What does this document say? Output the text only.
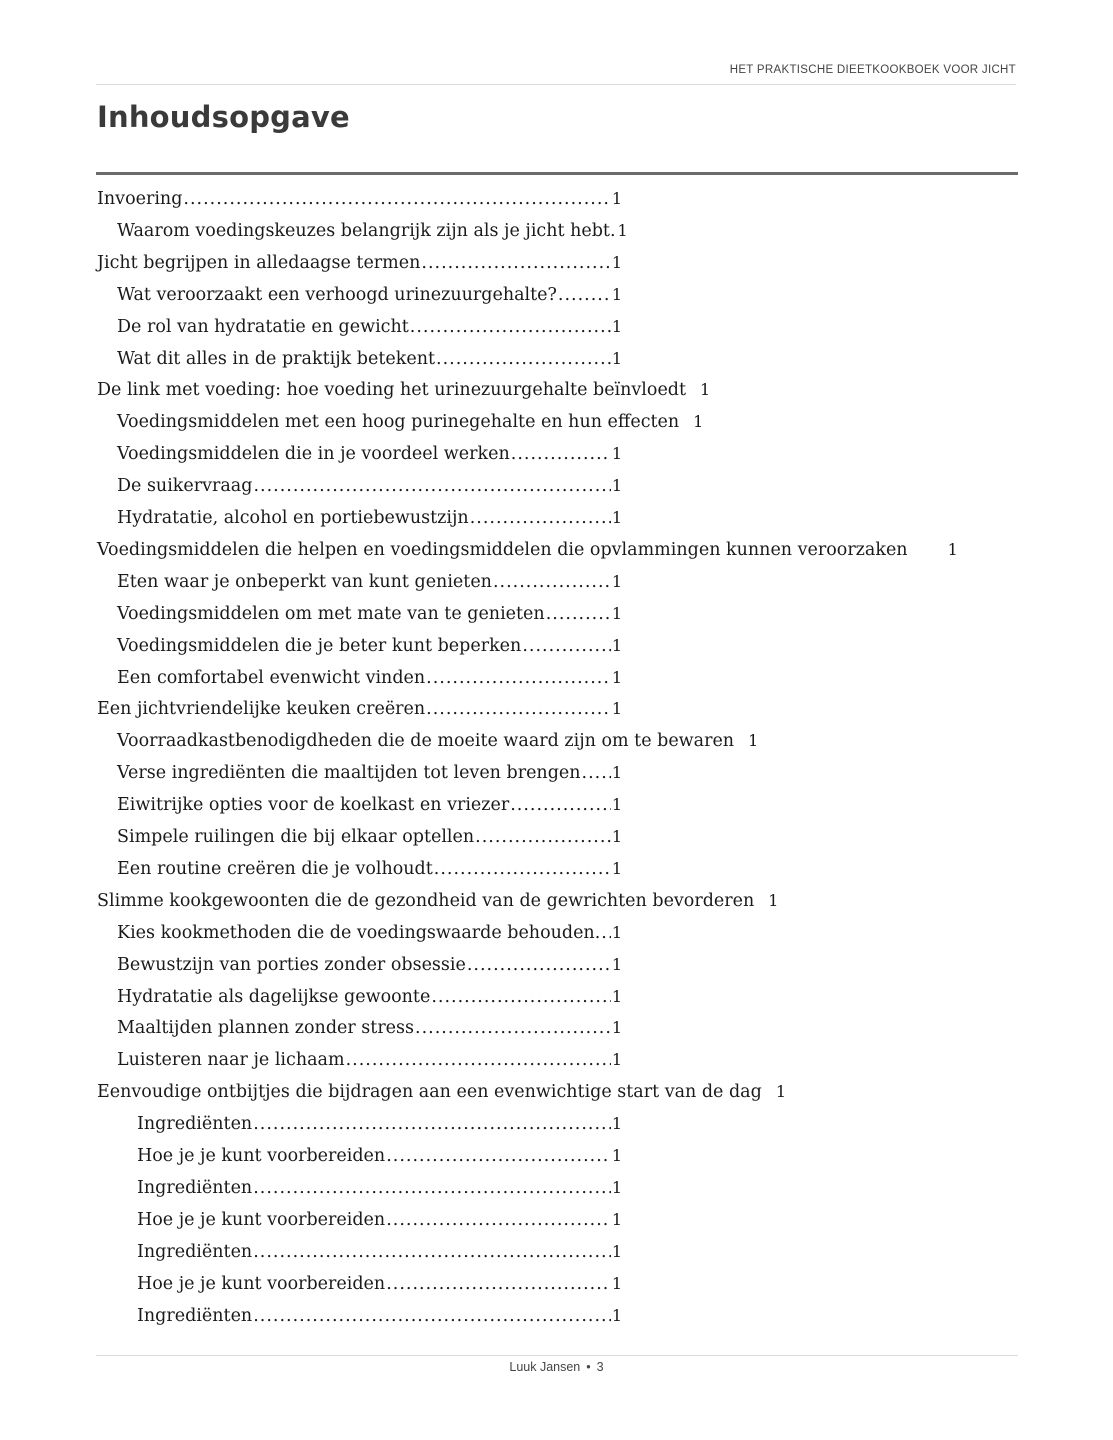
HET PRAKTISCHE DIEETKOOKBOEK VOOR JICHT
Inhoudsopgave
Invoering .....	1
Waarom voedingskeuzes belangrijk zijn als je jicht hebt. 1
Jicht begrijpen in alledaagse termen .....	1
Wat veroorzaakt een verhoogd urinezuurgehalte? .....	1
De rol van hydratatie en gewicht .....	1
Wat dit alles in de praktijk betekent .....	1
De link met voeding: hoe voeding het urinezuurgehalte beïnvloedt 1
Voedingsmiddelen met een hoog purinegehalte en hun effecten 1
Voedingsmiddelen die in je voordeel werken .....	1
De suikervraag .....	1
Hydratatie, alcohol en portiebewustzijn .....	1
Voedingsmiddelen die helpen en voedingsmiddelen die opvlammingen kunnen veroorzaken	1
Eten waar je onbeperkt van kunt genieten .....	1
Voedingsmiddelen om met mate van te genieten .....	1
Voedingsmiddelen die je beter kunt beperken .....	1
Een comfortabel evenwicht vinden .....	1
Een jichtvriendelijke keuken creëren .....	1
Voorraadkastbenodigdheden die de moeite waard zijn om te bewaren 1
Verse ingrediënten die maaltijden tot leven brengen ..... 1
Eiwitrijke opties voor de koelkast en vriezer .....	1
Simpele ruilingen die bij elkaar optellen .....	1
Een routine creëren die je volhoudt .....	1
Slimme kookgewoonten die de gezondheid van de gewrichten bevorderen 1
Kies kookmethoden die de voedingswaarde behouden. ..... 1
Bewustzijn van porties zonder obsessie .....	1
Hydratatie als dagelijkse gewoonte .....	1
Maaltijden plannen zonder stress .....	1
Luisteren naar je lichaam .....	1
Eenvoudige ontbijtjes die bijdragen aan een evenwichtige start van de dag 1
Ingrediënten .....	1
Hoe je je kunt voorbereiden .....	1
Ingrediënten .....	1
Hoe je je kunt voorbereiden .....	1
Ingrediënten .....	1
Hoe je je kunt voorbereiden .....	1
Ingrediënten .....	1
Luuk Jansen • 3
